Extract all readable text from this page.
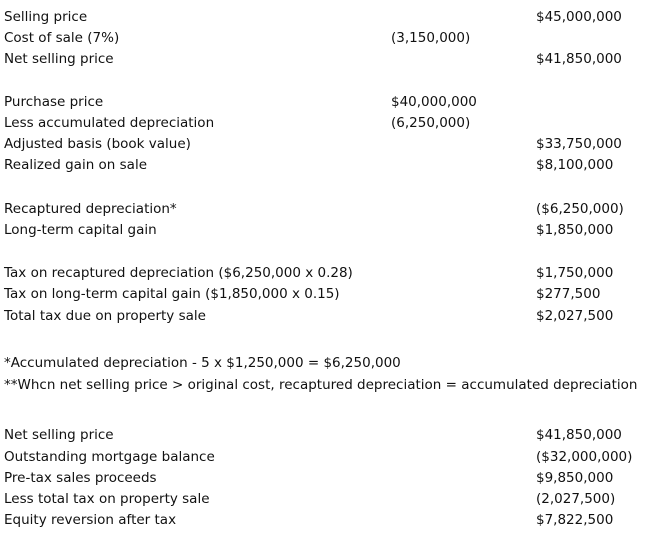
Selling price	$45,000,000
Cost of sale (7%)	(3,150,000)
Net selling price	$41,850,000
Purchase price	$40,000,000
Less accumulated depreciation	(6,250,000)
Adjusted basis (book value)	$33,750,000
Realized gain on sale	$8,100,000
Recaptured depreciation*	($6,250,000)
Long-term capital gain	$1,850,000
Tax on recaptured depreciation ($6,250,000 x 0.28)	$1,750,000
Tax on long-term capital gain ($1,850,000 x 0.15)	$277,500
Total tax due on property sale	$2,027,500
*Accumulated depreciation - 5 x $1,250,000 = $6,250,000
**Whcn net selling price > original cost, recaptured depreciation = accumulated depreciation
Net selling price	$41,850,000
Outstanding mortgage balance	($32,000,000)
Pre-tax sales proceeds	$9,850,000
Less total tax on property sale	(2,027,500)
Equity reversion after tax	$7,822,500
